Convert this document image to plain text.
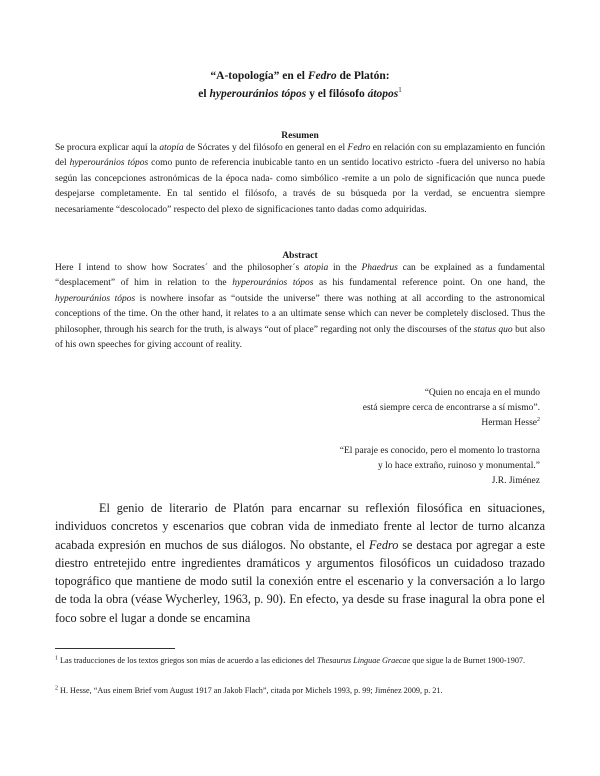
“A-topología” en el Fedro de Platón:
el hyperouránios tópos y el filósofo átopos$^1$
Resumen

Se procura explicar aquí la atopía de Sócrates y del filósofo en general en el Fedro en relación con su emplazamiento en función del hyperouránios tópos como punto de referencia inubicable tanto en un sentido locativo estricto -fuera del universo no había según las concepciones astronómicas de la época nada- como simbólico -remite a un polo de significación que nunca puede despejarse completamente. En tal sentido el filósofo, a través de su búsqueda por la verdad, se encuentra siempre necesariamente “descolocado” respecto del plexo de significaciones tanto dadas como adquiridas.

Abstract

Here I intend to show how Socrates´ and the philosopher´s atopia in the Phaedrus can be explained as a fundamental “desplacement” of him in relation to the hyperouránios tópos as his fundamental reference point. On one hand, the hyperouránios tópos is nowhere insofar as “outside the universe” there was nothing at all according to the astronomical conceptions of the time. On the other hand, it relates to a an ultimate sense which can never be completely disclosed. Thus the philosopher, through his search for the truth, is always “out of place” regarding not only the discourses of the status quo but also of his own speeches for giving account of reality.

“Quien no encaja en el mundo
está siempre cerca de encontrarse a sí mismo”.
Herman Hesse$^2$
“El paraje es conocido, pero el momento lo trastorna
y lo hace extraño, ruinoso y monumental.”
J.R. Jiménez

El genio de literario de Platón para encarnar su reflexión filosófica en situaciones, individuos concretos y escenarios que cobran vida de inmediato frente al lector de turno alcanza acabada expresión en muchos de sus diálogos. No obstante, el Fedro se destaca por agregar a este diestro entretejido entre ingredientes dramáticos y argumentos filosóficos un cuidadoso trazado topográfico que mantiene de modo sutil la conexión entre el escenario y la conversación a lo largo de toda la obra (véase Wycherley, 1963, p. 90). En efecto, ya desde su frase inagural la obra pone el foco sobre el lugar a donde se encamina

$^1$ Las traducciones de los textos griegos son mías de acuerdo a las ediciones del Thesaurus Linguae Graecae que sigue la de Burnet 1900-1907.

$^2$ H. Hesse, “Aus einem Brief vom August 1917 an Jakob Flach”, citada por Michels 1993, p. 99; Jiménez 2009, p. 21.
